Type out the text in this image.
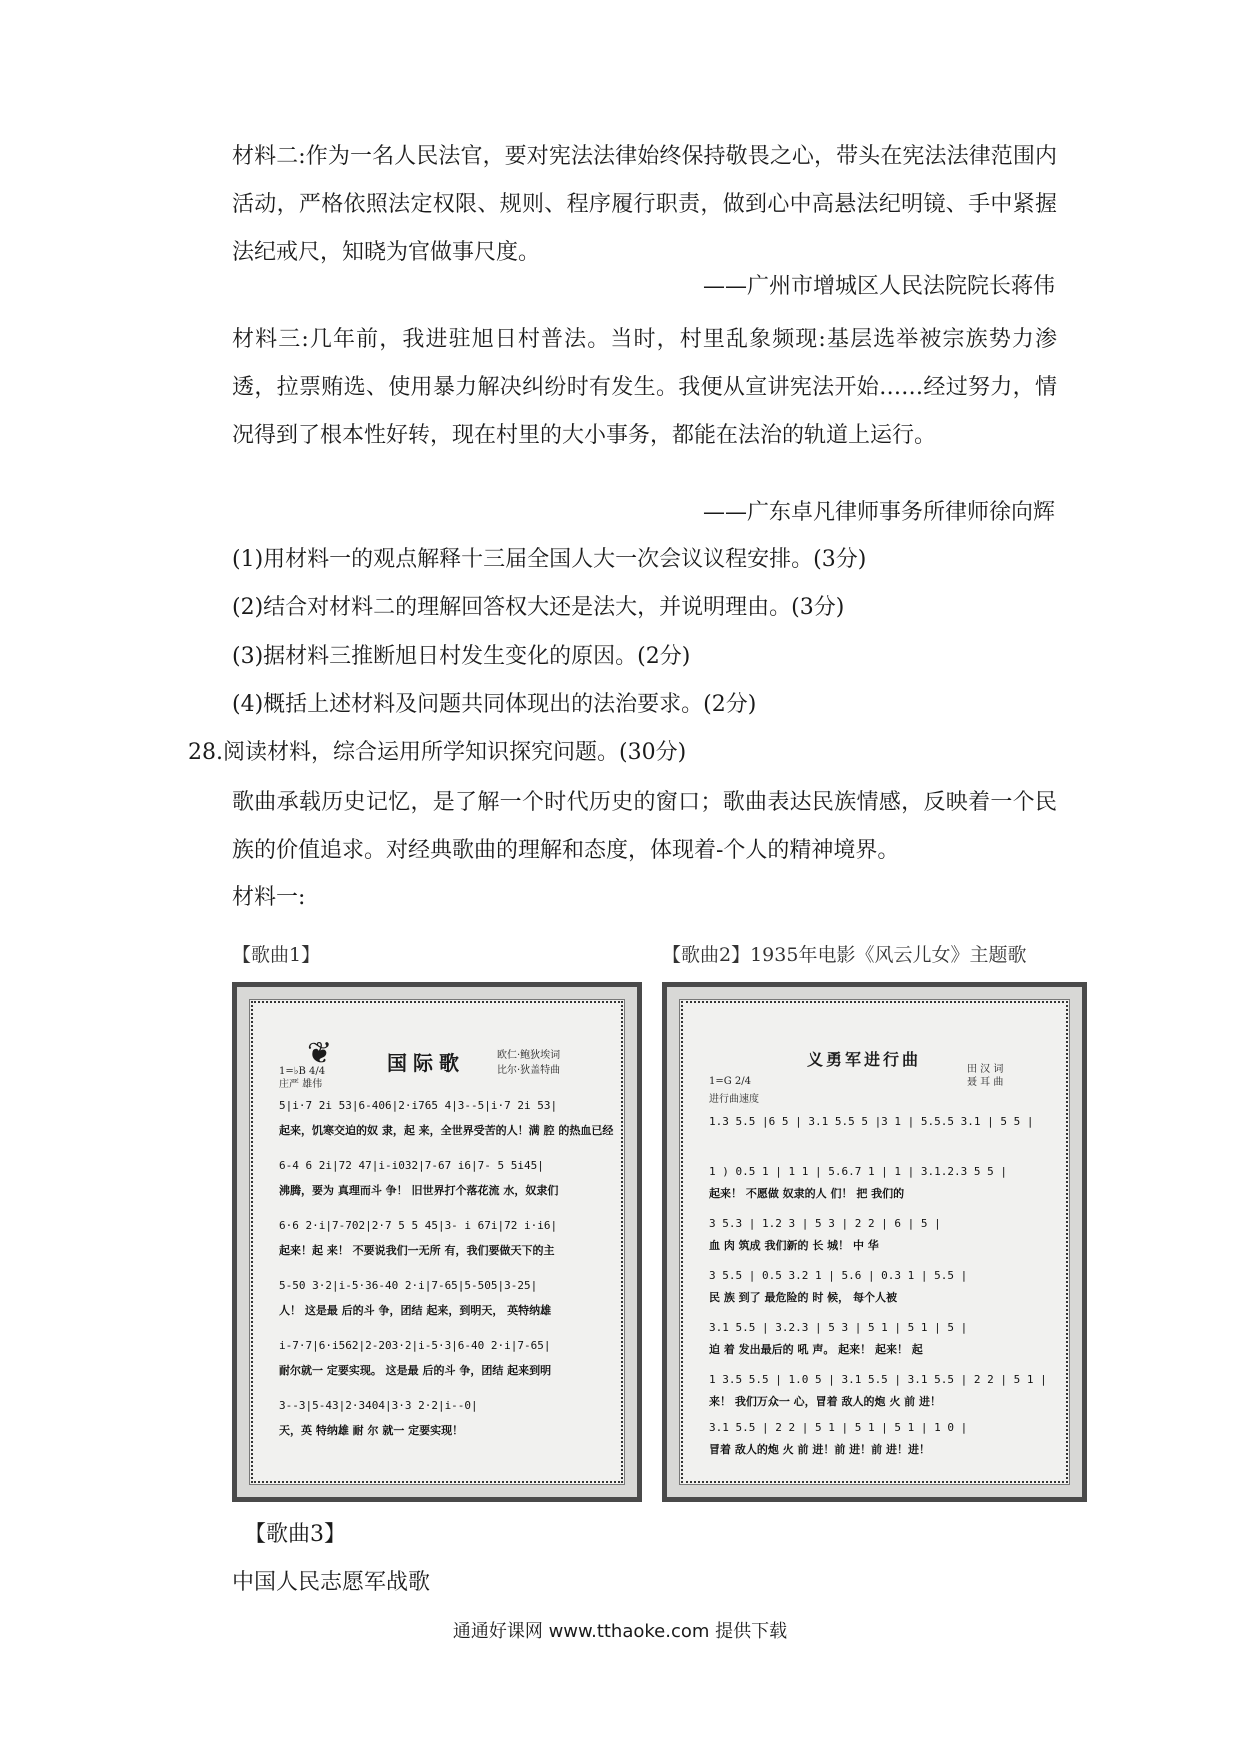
材料二:作为一名人民法官，要对宪法法律始终保持敬畏之心，带头在宪法法律范围内活动，严格依照法定权限、规则、程序履行职责，做到心中高悬法纪明镜、手中紧握法纪戒尺，知晓为官做事尺度。

——广州市增城区人民法院院长蒋伟

材料三:几年前，我进驻旭日村普法。当时，村里乱象频现:基层选举被宗族势力渗透，拉票贿选、使用暴力解决纠纷时有发生。我便从宣讲宪法开始……经过努力，情况得到了根本性好转，现在村里的大小事务，都能在法治的轨道上运行。

——广东卓凡律师事务所律师徐向辉
(1)用材料一的观点解释十三届全国人大一次会议议程安排。(3分)
(2)结合对材料二的理解回答权大还是法大，并说明理由。(3分)
(3)据材料三推断旭日村发生变化的原因。(2分)
(4)概括上述材料及问题共同体现出的法治要求。(2分)
28.阅读材料，综合运用所学知识探究问题。(30分)

歌曲承载历史记忆，是了解一个时代历史的窗口；歌曲表达民族情感，反映着一个民族的价值追求。对经典歌曲的理解和态度，体现着-个人的精神境界。

材料一:
【歌曲1】	【歌曲2】1935年电影《风云儿女》主题歌
❦	国际歌	欧仁·鲍狄埃词
比尔·狄盖特曲
1=♭B 4/4
庄严 雄伟
5|i·7 2i 53|6-406|2·i765 4|3--5|i·7 2i 53|
起来，饥寒交迫的奴 隶，起 来，全世界受苦的人！满 腔 的热血已经
6-4 6 2i|72 47|i-i032|7-67 i6|7- 5 5i45|
沸腾，要为 真理而斗 争！ 旧世界打个落花流 水，奴隶们
6·6 2·i|7-702|2·7 5 5 45|3- i 67i|72 i·i6|
起来！起 来！ 不要说我们一无所 有，我们要做天下的主
5-50 3·2|i-5·36-40 2·i|7-65|5-505|3-25|
人！ 这是最 后的斗 争，团结 起来，到明天， 英特纳雄
i-7·7|6·i562|2-203·2|i-5·3|6-40 2·i|7-65|
耐尔就一 定要实现。 这是最 后的斗 争，团结 起来到明
3--3|5-43|2·3404|3·3 2·2|i--0|
天，英 特纳雄 耐 尔 就一 定要实现！
义勇军进行曲
田 汉 词
聂 耳 曲
1=G 2/4
进行曲速度
1.3 5.5 |6 5 | 3.1 5.5 5 |3 1 | 5.5.5 3.1 | 5 5 |
1 ) 0.5 1 | 1 1 | 5.6.7 1 | 1 | 3.1.2.3 5 5 |
起来！ 不愿做 奴隶的人 们！ 把 我们的
3 5.3 | 1.2 3 | 5 3 | 2 2 | 6 | 5 |
血 肉 筑成 我们新的 长 城！ 中 华
3 5.5 | 0.5 3.2 1 | 5.6 | 0.3 1 | 5.5 |
民 族 到了 最危险的 时 候， 每个人被
3.1 5.5 | 3.2.3 | 5 3 | 5 1 | 5 1 | 5 |
迫 着 发出最后的 吼 声。 起来！ 起来！ 起
1 3.5 5.5 | 1.0 5 | 3.1 5.5 | 3.1 5.5 | 2 2 | 5 1 |
来！ 我们万众一 心，冒着 敌人的炮 火 前 进！
3.1 5.5 | 2 2 | 5 1 | 5 1 | 5 1 | 1 0 |
冒着 敌人的炮 火 前 进！前 进！前 进！进！
【歌曲3】
中国人民志愿军战歌
通通好课网 www.tthaoke.com 提供下载
